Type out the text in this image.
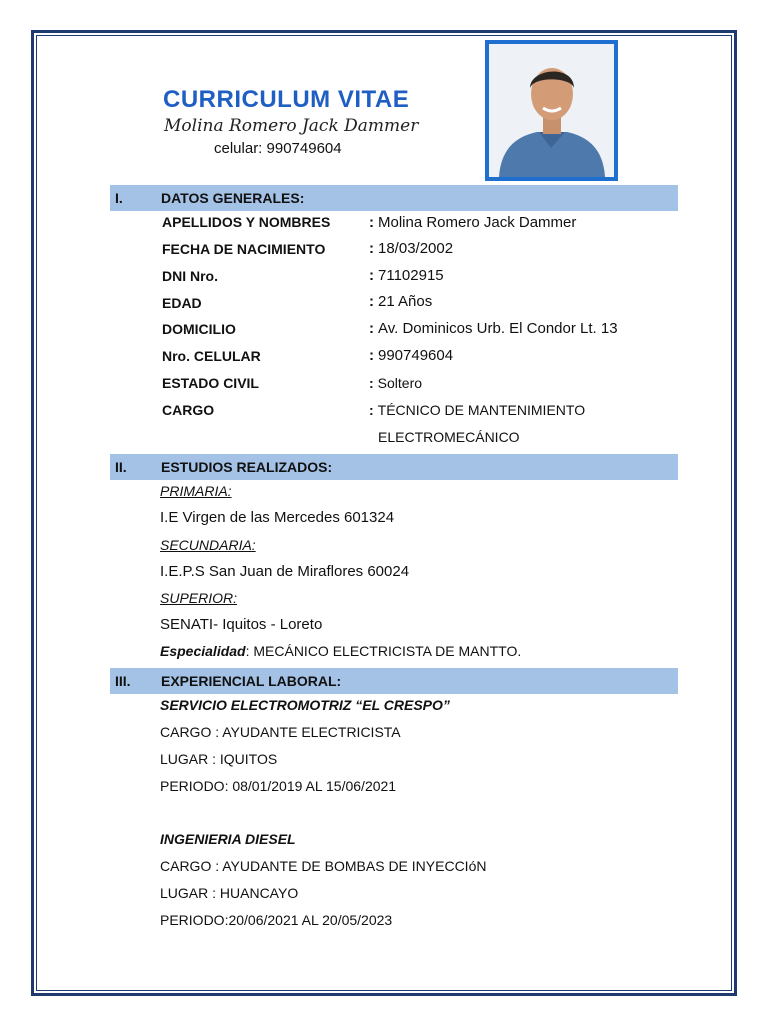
CURRICULUM VITAE
Molina Romero Jack Dammer
celular: 990749604
I.	DATOS GENERALES:
APELLIDOS Y NOMBRES	: Molina Romero Jack Dammer
FECHA DE NACIMIENTO	: 18/03/2002
DNI Nro.	: 71102915
EDAD	: 21 Años
DOMICILIO	: Av. Dominicos Urb. El Condor Lt. 13
Nro. CELULAR	: 990749604
ESTADO CIVIL	: Soltero
CARGO	: TÉCNICO DE MANTENIMIENTO
ELECTROMECÁNICO
II. ESTUDIOS REALIZADOS:
PRIMARIA:
I.E Virgen de las Mercedes 601324
SECUNDARIA:
I.E.P.S San Juan de Miraflores 60024
SUPERIOR:
SENATI- Iquitos - Loreto
Especialidad: MECÁNICO ELECTRICISTA DE MANTTO.
III. EXPERIENCIAL LABORAL:
SERVICIO ELECTROMOTRIZ “EL CRESPO”
CARGO : AYUDANTE ELECTRICISTA
LUGAR : IQUITOS
PERIODO: 08/01/2019 AL 15/06/2021
INGENIERIA DIESEL
CARGO : AYUDANTE DE BOMBAS DE INYECCIóN
LUGAR : HUANCAYO
PERIODO:20/06/2021 AL 20/05/2023
